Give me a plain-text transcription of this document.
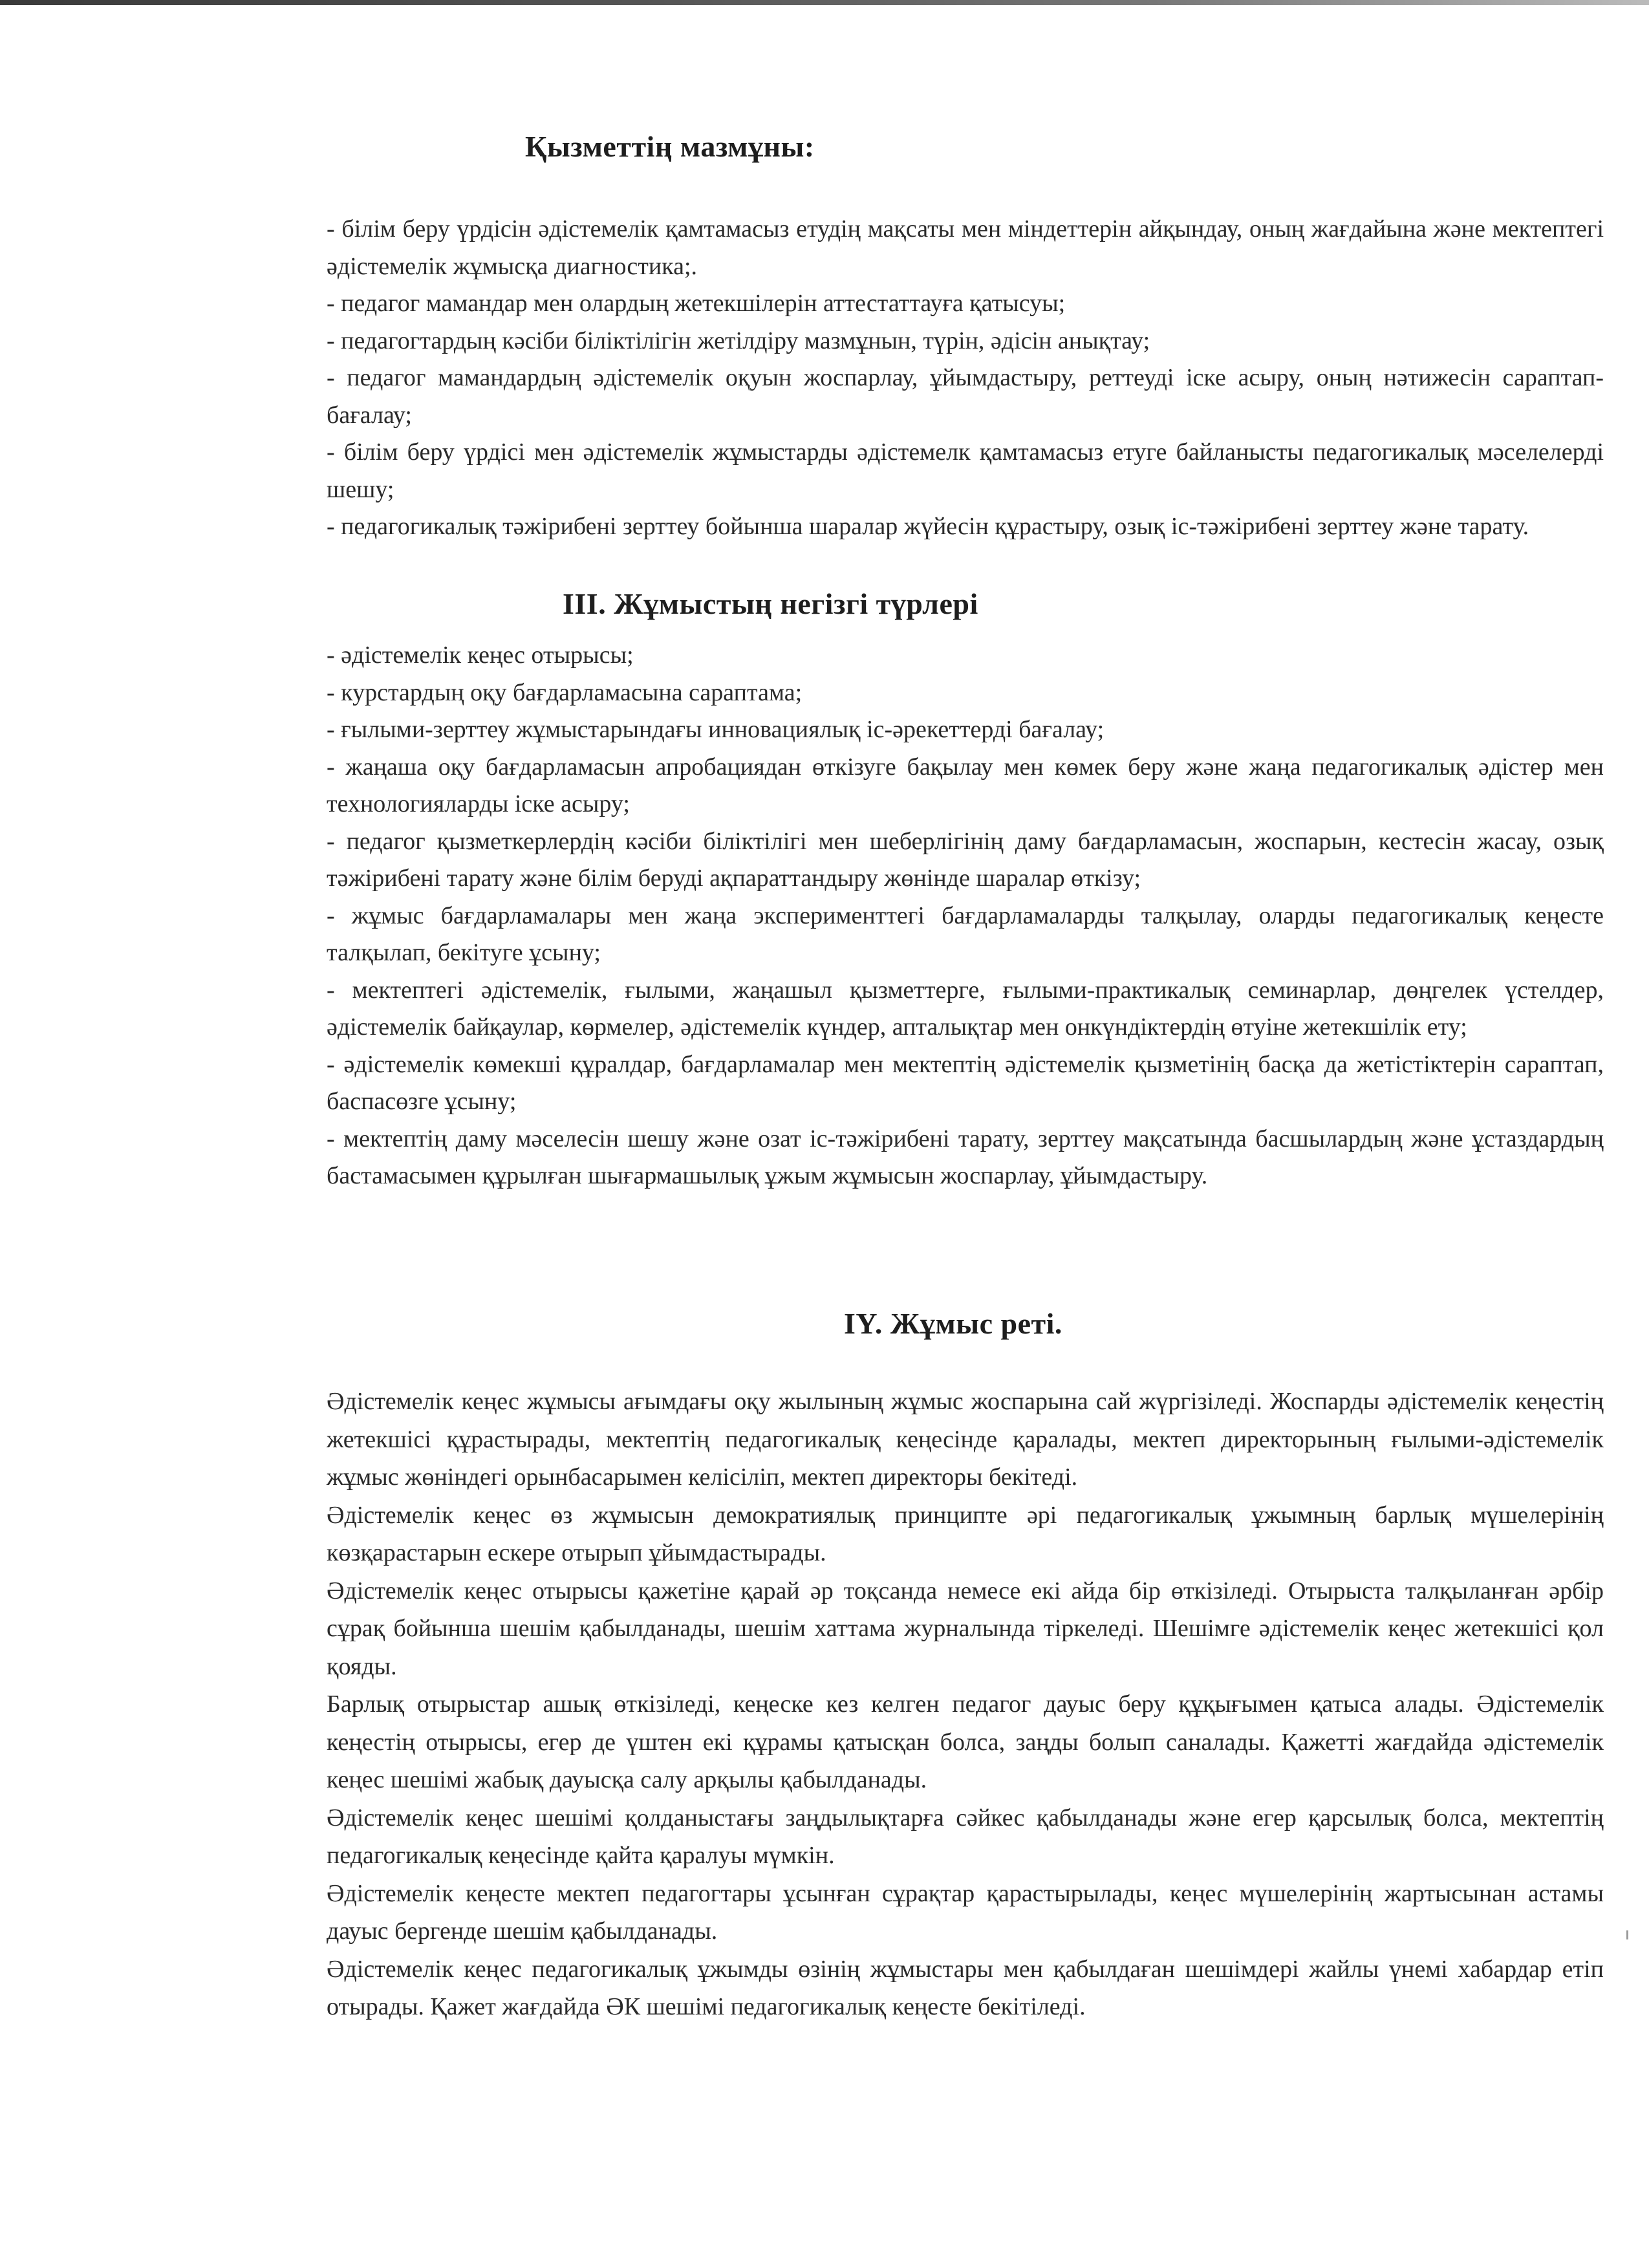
Қызметтің мазмұны:

- білім беру үрдісін әдістемелік қамтамасыз етудің мақсаты мен міндеттерін айқындау, оның жағдайына және мектептегі әдістемелік жұмысқа диагностика;.

- педагог мамандар мен олардың жетекшілерін аттестаттауға қатысуы;

- педагогтардың кәсіби біліктілігін жетілдіру мазмұнын, түрін, әдісін анықтау;

- педагог мамандардың әдістемелік оқуын жоспарлау, ұйымдастыру, реттеуді іске асыру, оның нәтижесін сараптап-бағалау;

- білім беру үрдісі мен әдістемелік жұмыстарды әдістемелк қамтамасыз етуге байланысты педагогикалық мәселелерді шешу;

- педагогикалық тәжірибені зерттеу бойынша шаралар жүйесін құрастыру, озық іс-тәжірибені зерттеу және тарату.

III. Жұмыстың негізгі түрлері

- әдістемелік кеңес отырысы;

- курстардың оқу бағдарламасына сараптама;

- ғылыми-зерттеу жұмыстарындағы инновациялық іс-әрекеттерді бағалау;

- жаңаша оқу бағдарламасын апробациядан өткізуге бақылау мен көмек беру және жаңа педагогикалық әдістер мен технологияларды іске асыру;

- педагог қызметкерлердің кәсіби біліктілігі мен шеберлігінің даму бағдарламасын, жоспарын, кестесін жасау, озық тәжірибені тарату және білім беруді ақпараттандыру жөнінде шаралар өткізу;

- жұмыс бағдарламалары мен жаңа эксперименттегі бағдарламаларды талқылау, оларды педагогикалық кеңесте талқылап, бекітуге ұсыну;

- мектептегі әдістемелік, ғылыми, жаңашыл қызметтерге, ғылыми-практикалық семинарлар, дөңгелек үстелдер, әдістемелік байқаулар, көрмелер, әдістемелік күндер, апталықтар мен онкүндіктердің өтуіне жетекшілік ету;

- әдістемелік көмекші құралдар, бағдарламалар мен мектептің әдістемелік қызметінің басқа да жетістіктерін сараптап, баспасөзге ұсыну;

- мектептің даму мәселесін шешу және озат іс-тәжірибені тарату, зерттеу мақсатында басшылардың және ұстаздардың бастамасымен құрылған шығармашылық ұжым жұмысын жоспарлау, ұйымдастыру.

IY. Жұмыс реті.

Әдістемелік кеңес жұмысы ағымдағы оқу жылының жұмыс жоспарына сай жүргізіледі. Жоспарды әдістемелік кеңестің жетекшісі құрастырады, мектептің педагогикалық кеңесінде қаралады, мектеп директорының ғылыми-әдістемелік жұмыс жөніндегі орынбасарымен келісіліп, мектеп директоры бекітеді.

Әдістемелік кеңес өз жұмысын демократиялық принципте әрі педагогикалық ұжымның барлық мүшелерінің көзқарастарын ескере отырып ұйымдастырады.

Әдістемелік кеңес отырысы қажетіне қарай әр тоқсанда немесе екі айда бір өткізіледі. Отырыста талқыланған әрбір сұрақ бойынша шешім қабылданады, шешім хаттама журналында тіркеледі. Шешімге әдістемелік кеңес жетекшісі қол қояды.

Барлық отырыстар ашық өткізіледі, кеңеске кез келген педагог дауыс беру құқығымен қатыса алады. Әдістемелік кеңестің отырысы, егер де үштен екі құрамы қатысқан болса, заңды болып саналады. Қажетті жағдайда әдістемелік кеңес шешімі жабық дауысқа салу арқылы қабылданады.

Әдістемелік кеңес шешімі қолданыстағы заңдылықтарға сәйкес қабылданады және егер қарсылық болса, мектептің педагогикалық кеңесінде қайта қаралуы мүмкін.

Әдістемелік кеңесте мектеп педагогтары ұсынған сұрақтар қарастырылады, кеңес мүшелерінің жартысынан астамы дауыс бергенде шешім қабылданады.

Әдістемелік кеңес педагогикалық ұжымды өзінің жұмыстары мен қабылдаған шешімдері жайлы үнемі хабардар етіп отырады. Қажет жағдайда ӘК шешімі педагогикалық кеңесте бекітіледі.
